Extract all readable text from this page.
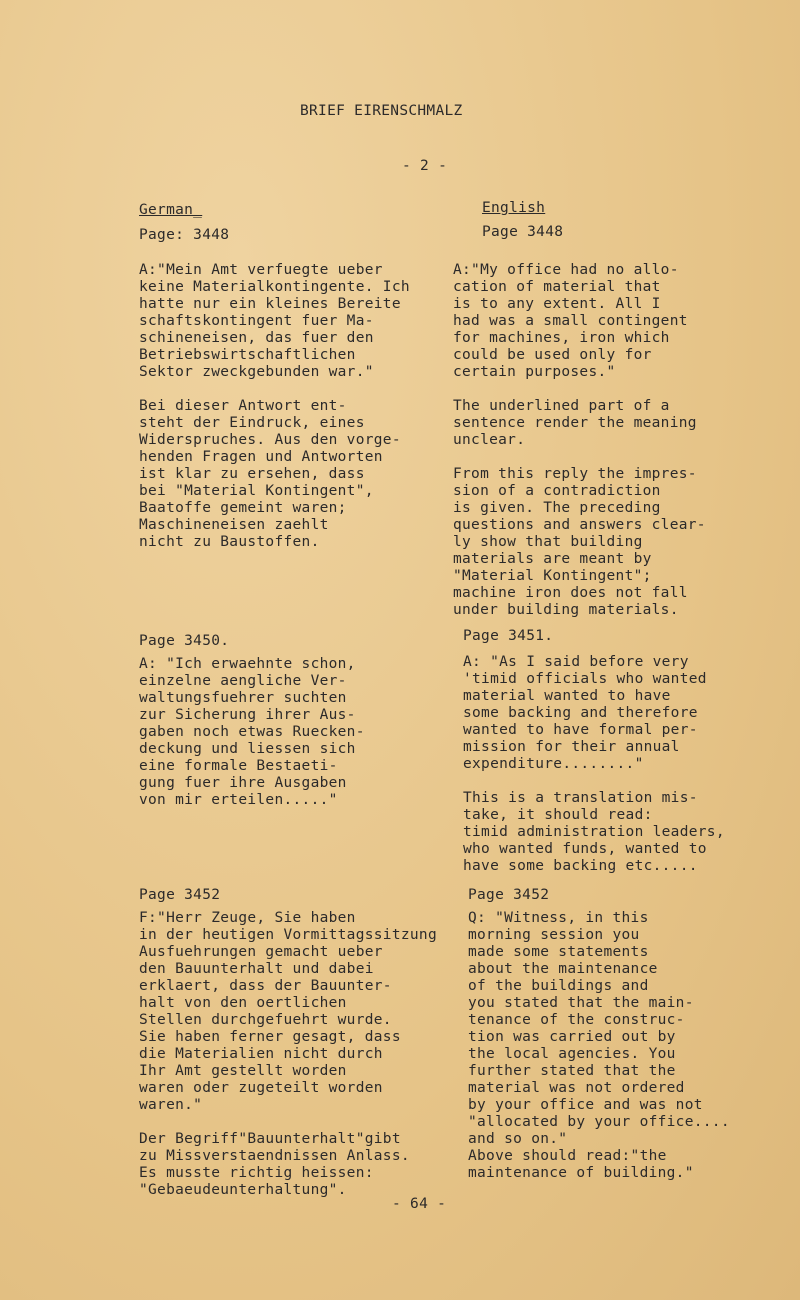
BRIEF EIRENSCHMALZ
- 2 -
German_	English
Page: 3448
A:"Mein Amt verfuegte ueber
keine Materialkontingente. Ich
hatte nur ein kleines Bereite
schaftskontingent fuer Ma-
schineneisen, das fuer den
Betriebswirtschaftlichen
Sektor zweckgebunden war."

Bei dieser Antwort ent-
steht der Eindruck, eines
Widerspruches. Aus den vorge-
henden Fragen und Antworten
ist klar zu ersehen, dass
bei "Material Kontingent",
Baatoffe gemeint waren;
Maschineneisen zaehlt
nicht zu Baustoffen.
Page 3448
A:"My office had no allo-
cation of material that
is to any extent. All I
had was a small contingent
for machines, iron which
could be used only for
certain purposes."

The underlined part of a
sentence render the meaning
unclear.

From this reply the impres-
sion of a contradiction
is given. The preceding
questions and answers clear-
ly show that building
materials are meant by
"Material Kontingent";
machine iron does not fall
under building materials.
Page 3450.
A: "Ich erwaehnte schon,
einzelne aengliche Ver-
waltungsfuehrer suchten
zur Sicherung ihrer Aus-
gaben noch etwas Ruecken-
deckung und liessen sich
eine formale Bestaeti-
gung fuer ihre Ausgaben
von mir erteilen....."
Page 3451.
A: "As I said before very
'timid officials who wanted
material wanted to have
some backing and therefore
wanted to have formal per-
mission for their annual
expenditure........"

This is a translation mis-
take, it should read:
timid administration leaders,
who wanted funds, wanted to
have some backing etc.....
Page 3452
F:"Herr Zeuge, Sie haben
in der heutigen Vormittagssitzung
Ausfuehrungen gemacht ueber
den Bauunterhalt und dabei
erklaert, dass der Bauunter-
halt von den oertlichen
Stellen durchgefuehrt wurde.
Sie haben ferner gesagt, dass
die Materialien nicht durch
Ihr Amt gestellt worden
waren oder zugeteilt worden
waren."

Der Begriff"Bauunterhalt"gibt
zu Missverstaendnissen Anlass.
Es musste richtig heissen:
"Gebaeudeunterhaltung".
Page 3452
Q: "Witness, in this
morning session you
made some statements
about the maintenance
of the buildings and
you stated that the main-
tenance of the construc-
tion was carried out by
the local agencies. You
further stated that the
material was not ordered
by your office and was not
"allocated by your office....
and so on."
Above should read:"the
maintenance of building."
- 64 -
